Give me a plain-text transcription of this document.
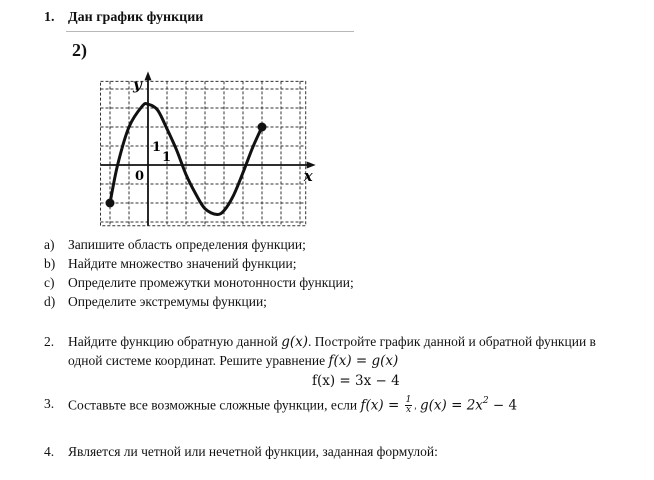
1. Дан график функции
2)
x
y
0
1
1
a) Запишите область определения функции;
b) Найдите множество значений функции;
c) Определите промежутки монотонности функции;
d) Определите экстремумы функции;
2. Найдите функцию обратную данной g(x). Постройте график данной и обратной функции в
одной системе координат. Решите уравнение f(x) = g(x)
f(x) = 3x − 4
3. Составьте все возможные сложные функции, если $f(x) = \frac{1}{x}$ , $g(x) = 2x^2 - 4$
4. Является ли четной или нечетной функции, заданная формулой:
